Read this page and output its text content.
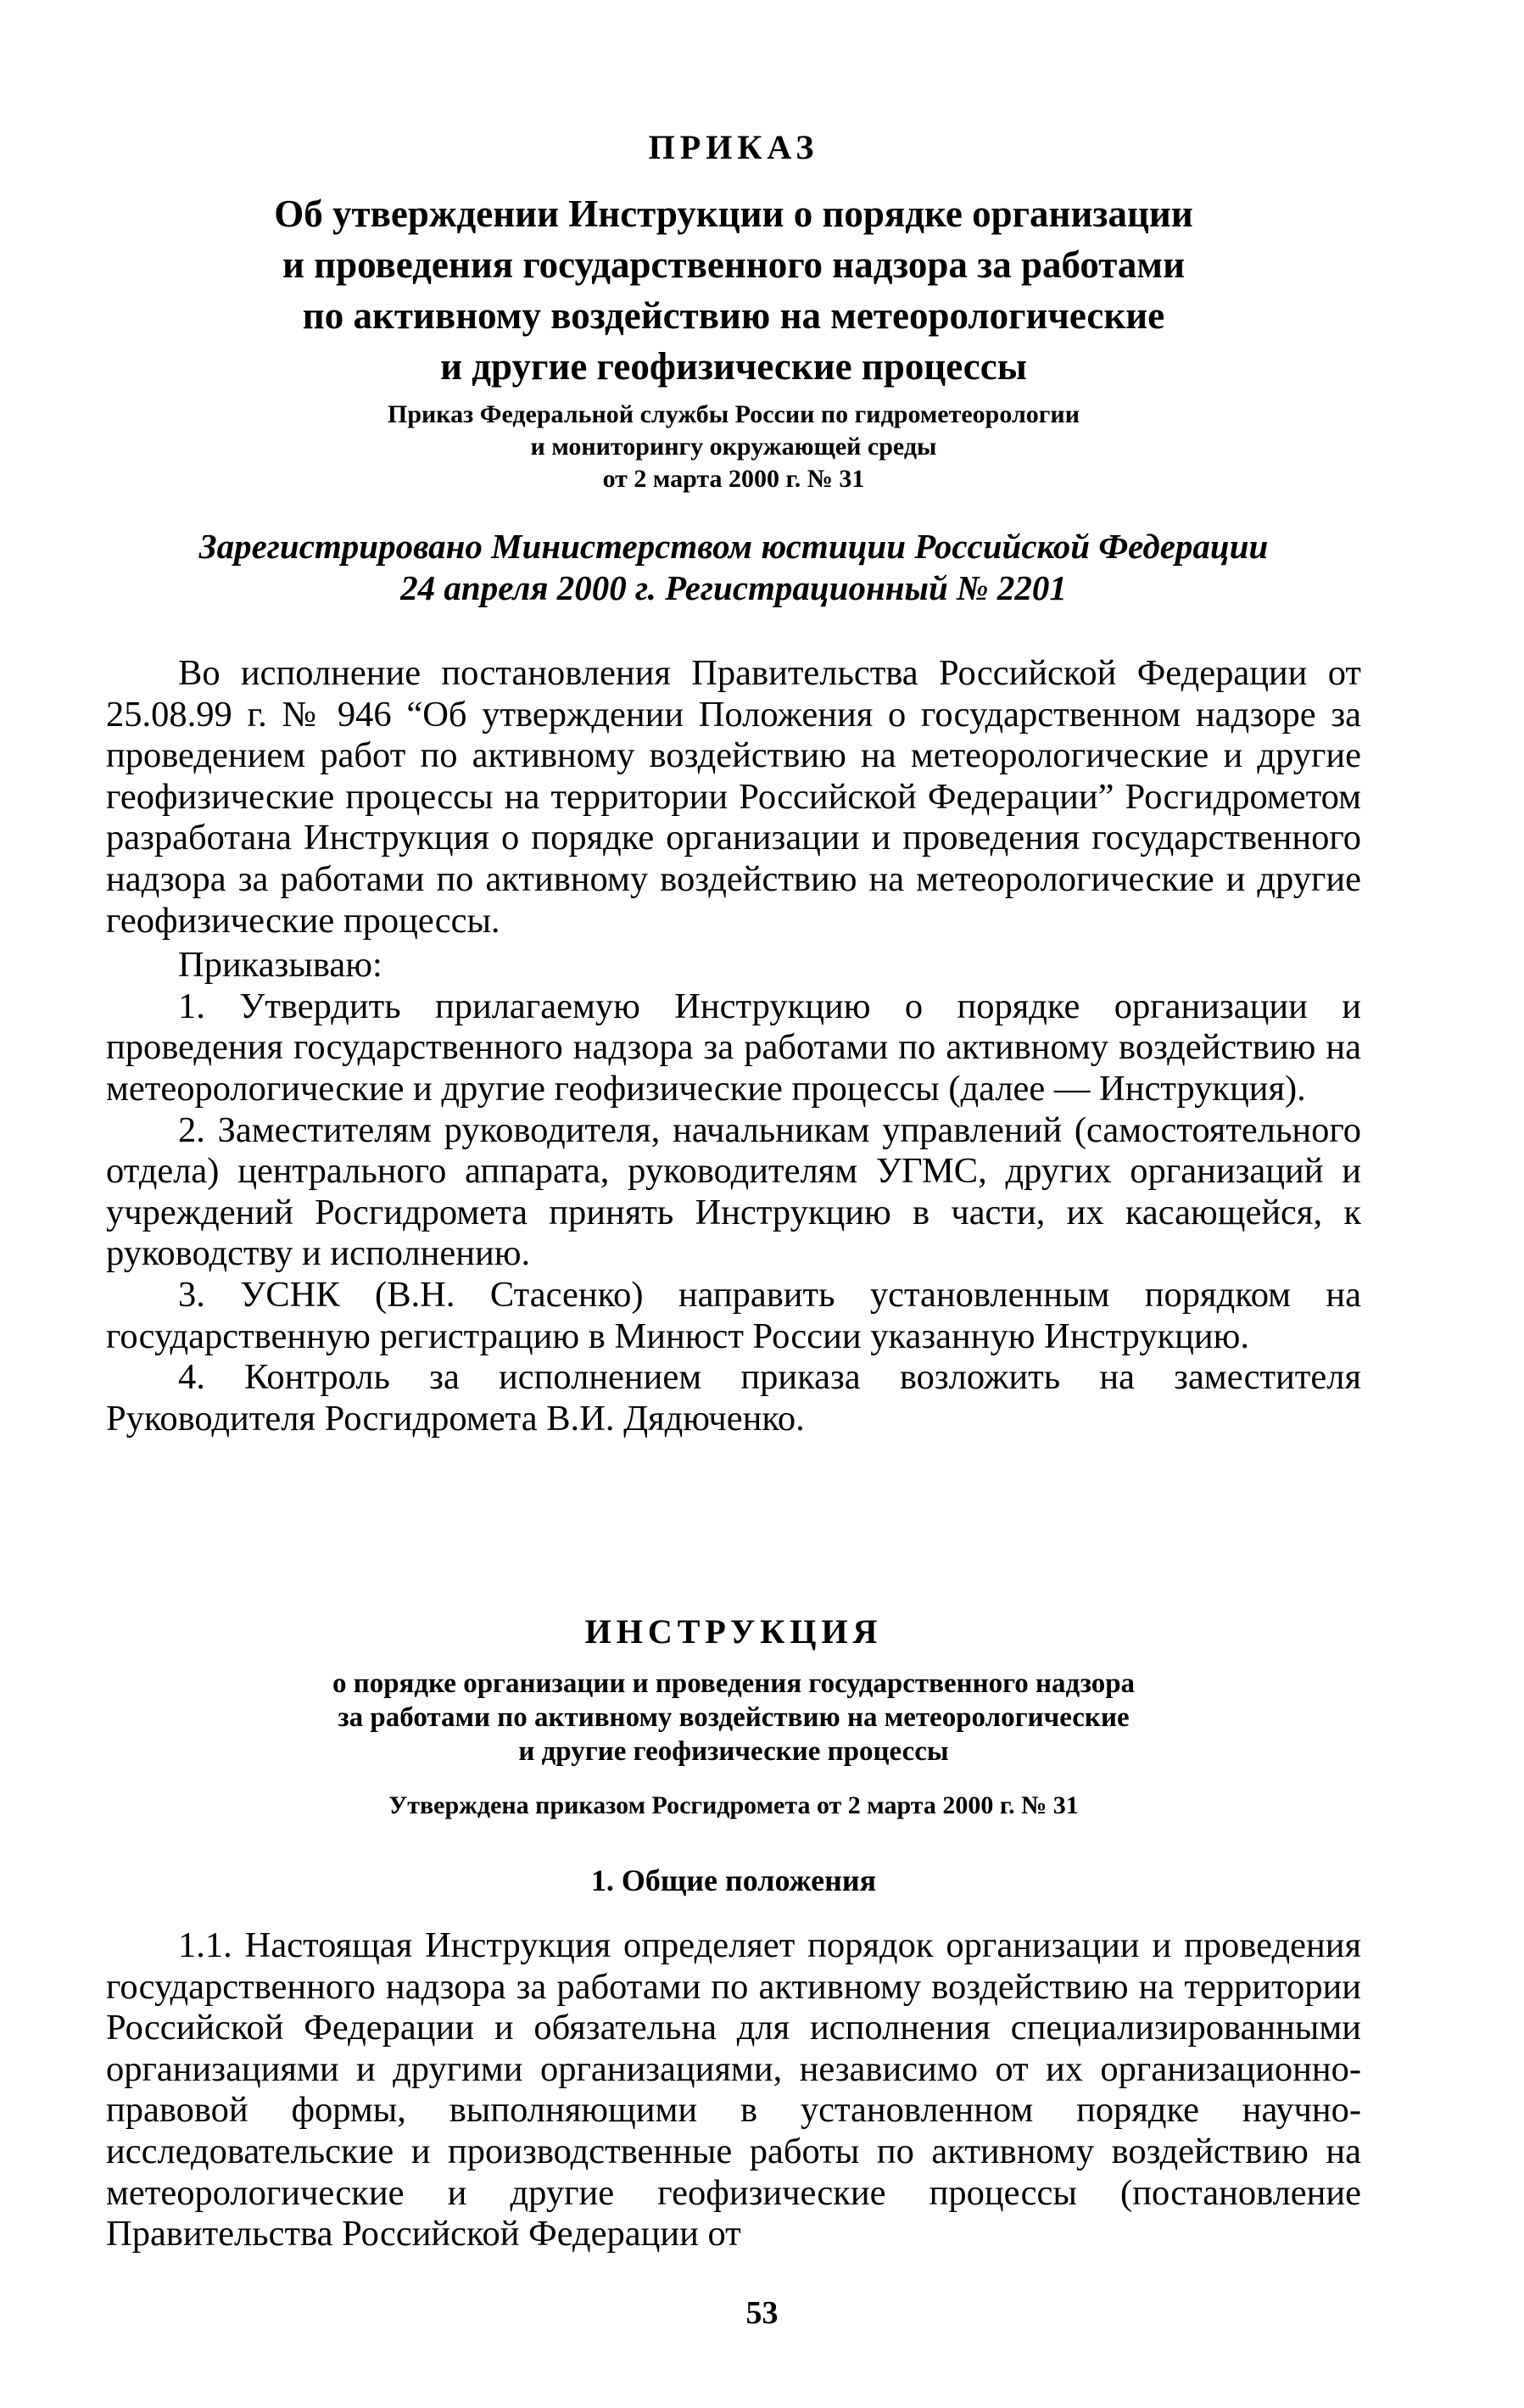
ПРИКАЗ
Об утверждении Инструкции о порядке организации
и проведения государственного надзора за работами
по активному воздействию на метеорологические
и другие геофизические процессы
Приказ Федеральной службы России по гидрометеорологии
и мониторингу окружающей среды
от 2 марта 2000 г. № 31
Зарегистрировано Министерством юстиции Российской Федерации
24 апреля 2000 г. Регистрационный № 2201

Во исполнение постановления Правительства Российской Федерации от 25.08.99 г. № 946 “Об утверждении Положения о государственном надзоре за проведением работ по активному воздействию на метеорологические и другие геофизические процессы на территории Российской Федерации” Росгидрометом разработана Инструкция о порядке организации и проведения государственного надзора за работами по активному воздействию на метеорологические и другие геофизические процессы.

Приказываю:

1. Утвердить прилагаемую Инструкцию о порядке организации и проведения государственного надзора за работами по активному воздействию на метеорологические и другие геофизические процессы (далее — Инструкция).

2. Заместителям руководителя, начальникам управлений (самостоятельного отдела) центрального аппарата, руководителям УГМС, других организаций и учреждений Росгидромета принять Инструкцию в части, их касающейся, к руководству и исполнению.

3. УСНК (В.Н. Стасенко) направить установленным порядком на государственную регистрацию в Минюст России указанную Инструкцию.

4. Контроль за исполнением приказа возложить на заместителя Руководителя Росгидромета В.И. Дядюченко.

ИНСТРУКЦИЯ
о порядке организации и проведения государственного надзора
за работами по активному воздействию на метеорологические
и другие геофизические процессы
Утверждена приказом Росгидромета от 2 марта 2000 г. № 31
1. Общие положения

1.1. Настоящая Инструкция определяет порядок организации и проведения государственного надзора за работами по активному воздействию на территории Российской Федерации и обязательна для исполнения специализированными организациями и другими организациями, независимо от их организационно-правовой формы, выполняющими в установленном порядке научно-исследовательские и производственные работы по активному воздействию на метеорологические и другие геофизические процессы (постановление Правительства Российской Федерации от

53
